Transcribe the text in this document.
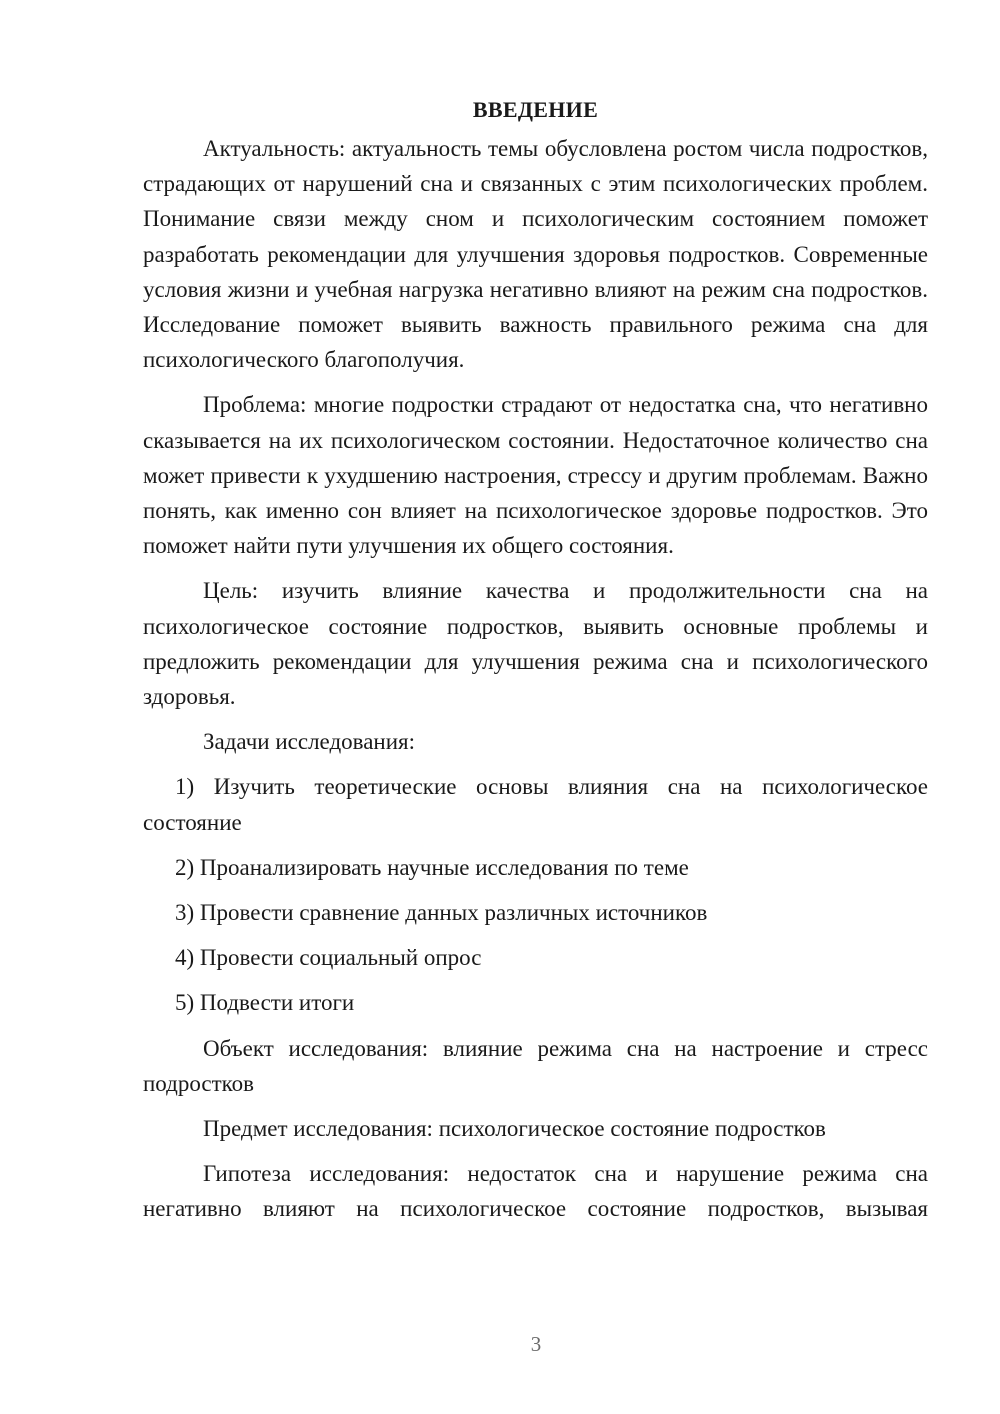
ВВЕДЕНИЕ

Актуальность: актуальность темы обусловлена ростом числа подростков, страдающих от нарушений сна и связанных с этим психологических проблем. Понимание связи между сном и психологическим состоянием поможет разработать рекомендации для улучшения здоровья подростков. Современные условия жизни и учебная нагрузка негативно влияют на режим сна подростков. Исследование поможет выявить важность правильного режима сна для психологического благополучия.

Проблема: многие подростки страдают от недостатка сна, что негативно сказывается на их психологическом состоянии. Недостаточное количество сна может привести к ухудшению настроения, стрессу и другим проблемам. Важно понять, как именно сон влияет на психологическое здоровье подростков. Это поможет найти пути улучшения их общего состояния.

Цель: изучить влияние качества и продолжительности сна на психологическое состояние подростков, выявить основные проблемы и предложить рекомендации для улучшения режима сна и психологического здоровья.

Задачи исследования:

1) Изучить теоретические основы влияния сна на психологическое состояние

2) Проанализировать научные исследования по теме

3) Провести сравнение данных различных источников

4) Провести социальный опрос

5) Подвести итоги

Объект исследования: влияние режима сна на настроение и стресс подростков

Предмет исследования: психологическое состояние подростков

Гипотеза исследования: недостаток сна и нарушение режима сна негативно влияют на психологическое состояние подростков, вызывая

3
